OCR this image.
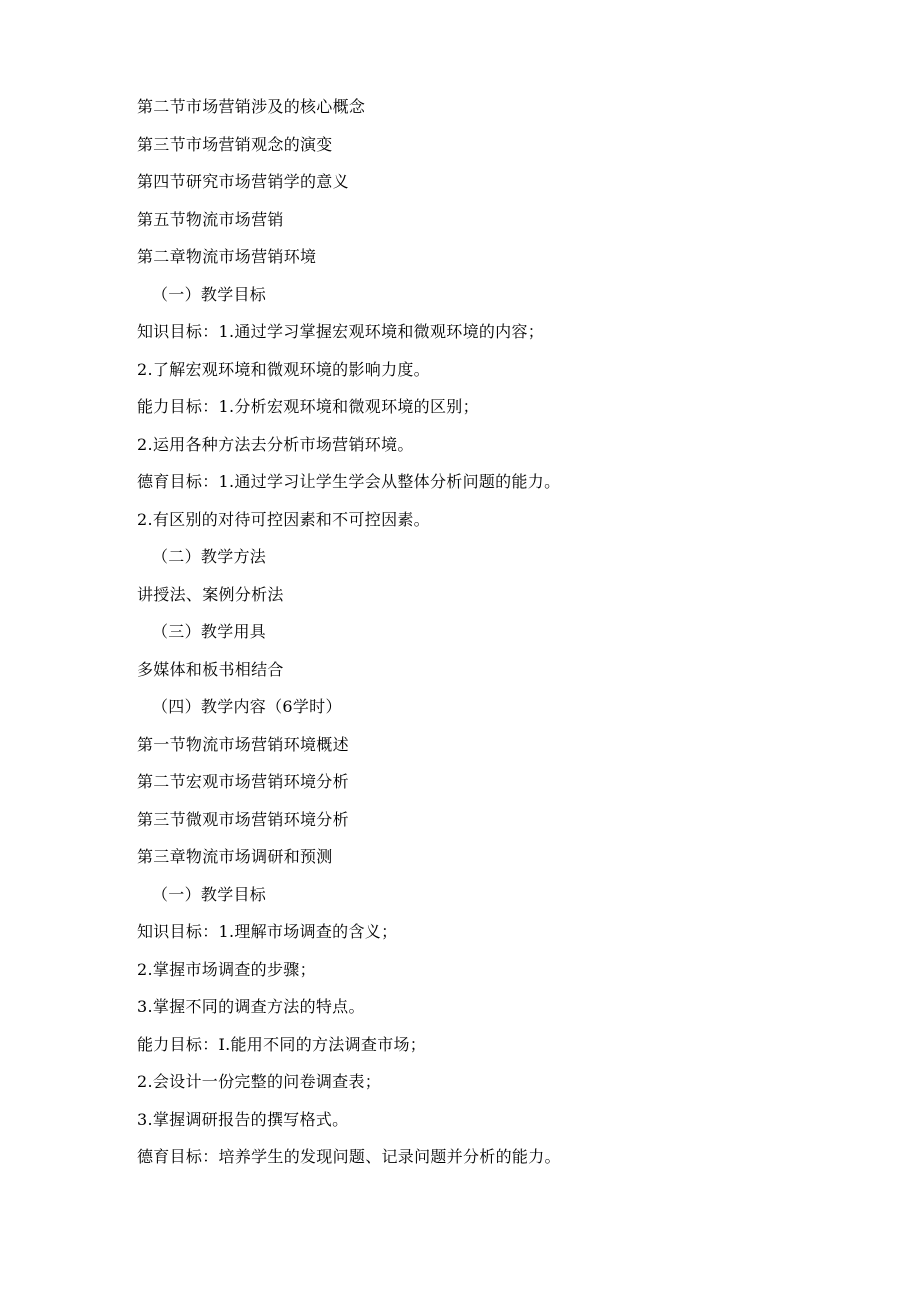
第二节市场营销涉及的核心概念
第三节市场营销观念的演变
第四节研究市场营销学的意义
第五节物流市场营销
第二章物流市场营销环境
（一）教学目标
知识目标：1.通过学习掌握宏观环境和微观环境的内容；
2.了解宏观环境和微观环境的影响力度。
能力目标：1.分析宏观环境和微观环境的区别；
2.运用各种方法去分析市场营销环境。
德育目标：1.通过学习让学生学会从整体分析问题的能力。
2.有区别的对待可控因素和不可控因素。
（二）教学方法
讲授法、案例分析法
（三）教学用具
多媒体和板书相结合
（四）教学内容（6学时）
第一节物流市场营销环境概述
第二节宏观市场营销环境分析
第三节微观市场营销环境分析
第三章物流市场调研和预测
（一）教学目标
知识目标：1.理解市场调查的含义；
2.掌握市场调查的步骤；
3.掌握不同的调查方法的特点。
能力目标：I.能用不同的方法调查市场；
2.会设计一份完整的问卷调查表；
3.掌握调研报告的撰写格式。
德育目标：培养学生的发现问题、记录问题并分析的能力。
